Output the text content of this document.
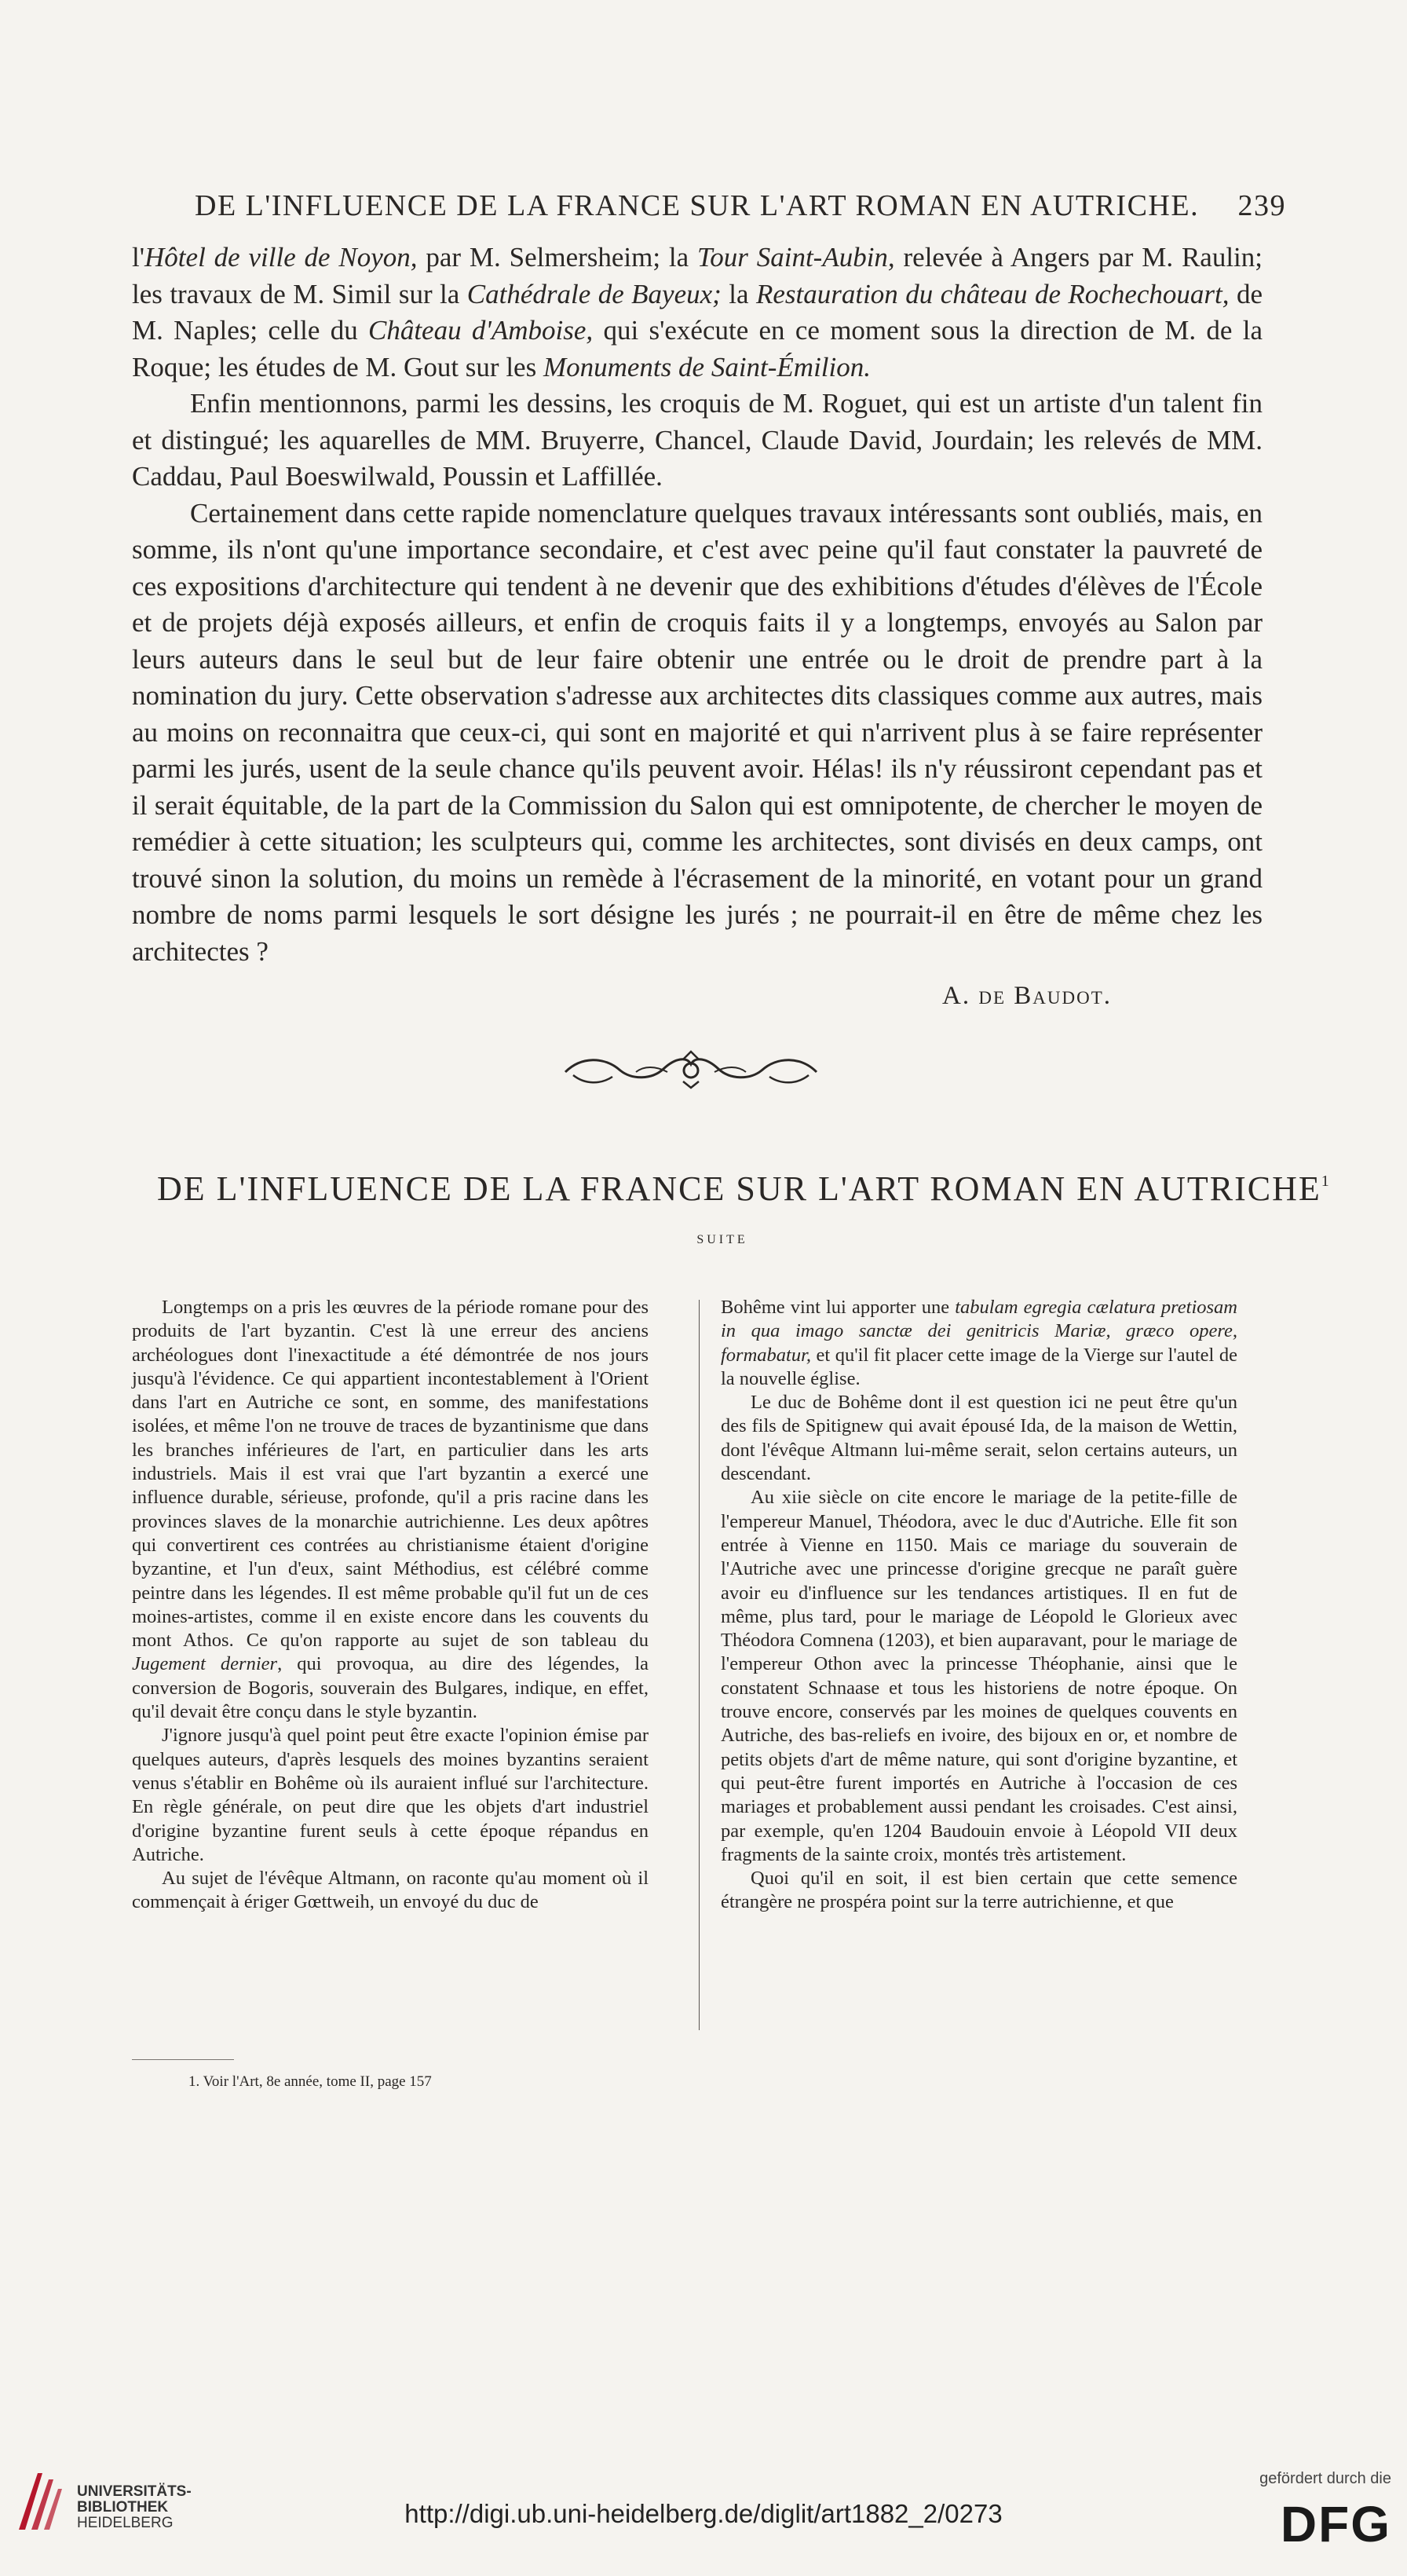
DE L'INFLUENCE DE LA FRANCE SUR L'ART ROMAN EN AUTRICHE. 239

l'Hôtel de ville de Noyon, par M. Selmersheim; la Tour Saint-Aubin, relevée à Angers par M. Raulin; les travaux de M. Simil sur la Cathédrale de Bayeux; la Restauration du château de Rochechouart, de M. Naples; celle du Château d'Amboise, qui s'exécute en ce moment sous la direction de M. de la Roque; les études de M. Gout sur les Monuments de Saint-Émilion.

Enfin mentionnons, parmi les dessins, les croquis de M. Roguet, qui est un artiste d'un talent fin et distingué; les aquarelles de MM. Bruyerre, Chancel, Claude David, Jourdain; les relevés de MM. Caddau, Paul Boeswilwald, Poussin et Laffillée.

Certainement dans cette rapide nomenclature quelques travaux intéressants sont oubliés, mais, en somme, ils n'ont qu'une importance secondaire, et c'est avec peine qu'il faut constater la pauvreté de ces expositions d'architecture qui tendent à ne devenir que des exhibitions d'études d'élèves de l'École et de projets déjà exposés ailleurs, et enfin de croquis faits il y a longtemps, envoyés au Salon par leurs auteurs dans le seul but de leur faire obtenir une entrée ou le droit de prendre part à la nomination du jury. Cette observation s'adresse aux architectes dits classiques comme aux autres, mais au moins on reconnaitra que ceux-ci, qui sont en majorité et qui n'arrivent plus à se faire représenter parmi les jurés, usent de la seule chance qu'ils peuvent avoir. Hélas! ils n'y réussiront cependant pas et il serait équitable, de la part de la Commission du Salon qui est omnipotente, de chercher le moyen de remédier à cette situation; les sculpteurs qui, comme les architectes, sont divisés en deux camps, ont trouvé sinon la solution, du moins un remède à l'écrasement de la minorité, en votant pour un grand nombre de noms parmi lesquels le sort désigne les jurés ; ne pourrait-il en être de même chez les architectes ?

A. de Baudot.
DE L'INFLUENCE DE LA FRANCE SUR L'ART ROMAN EN AUTRICHE$^1$
SUITE

Longtemps on a pris les œuvres de la période romane pour des produits de l'art byzantin. C'est là une erreur des anciens archéologues dont l'inexactitude a été démontrée de nos jours jusqu'à l'évidence. Ce qui appartient incontestablement à l'Orient dans l'art en Autriche ce sont, en somme, des manifestations isolées, et même l'on ne trouve de traces de byzantinisme que dans les branches inférieures de l'art, en particulier dans les arts industriels. Mais il est vrai que l'art byzantin a exercé une influence durable, sérieuse, profonde, qu'il a pris racine dans les provinces slaves de la monarchie autrichienne. Les deux apôtres qui convertirent ces contrées au christianisme étaient d'origine byzantine, et l'un d'eux, saint Méthodius, est célébré comme peintre dans les légendes. Il est même probable qu'il fut un de ces moines-artistes, comme il en existe encore dans les couvents du mont Athos. Ce qu'on rapporte au sujet de son tableau du Jugement dernier, qui provoqua, au dire des légendes, la conversion de Bogoris, souverain des Bulgares, indique, en effet, qu'il devait être conçu dans le style byzantin.

J'ignore jusqu'à quel point peut être exacte l'opinion émise par quelques auteurs, d'après lesquels des moines byzantins seraient venus s'établir en Bohême où ils auraient influé sur l'architecture. En règle générale, on peut dire que les objets d'art industriel d'origine byzantine furent seuls à cette époque répandus en Autriche.

Au sujet de l'évêque Altmann, on raconte qu'au moment où il commençait à ériger Gœttweih, un envoyé du duc de

Bohême vint lui apporter une tabulam egregia cælatura pretiosam in qua imago sanctæ dei genitricis Mariæ, græco opere, formabatur, et qu'il fit placer cette image de la Vierge sur l'autel de la nouvelle église.

Le duc de Bohême dont il est question ici ne peut être qu'un des fils de Spitignew qui avait épousé Ida, de la maison de Wettin, dont l'évêque Altmann lui-même serait, selon certains auteurs, un descendant.

Au xiie siècle on cite encore le mariage de la petite-fille de l'empereur Manuel, Théodora, avec le duc d'Autriche. Elle fit son entrée à Vienne en 1150. Mais ce mariage du souverain de l'Autriche avec une princesse d'origine grecque ne paraît guère avoir eu d'influence sur les tendances artistiques. Il en fut de même, plus tard, pour le mariage de Léopold le Glorieux avec Théodora Comnena (1203), et bien auparavant, pour le mariage de l'empereur Othon avec la princesse Théophanie, ainsi que le constatent Schnaase et tous les historiens de notre époque. On trouve encore, conservés par les moines de quelques couvents en Autriche, des bas-reliefs en ivoire, des bijoux en or, et nombre de petits objets d'art de même nature, qui sont d'origine byzantine, et qui peut-être furent importés en Autriche à l'occasion de ces mariages et probablement aussi pendant les croisades. C'est ainsi, par exemple, qu'en 1204 Baudouin envoie à Léopold VII deux fragments de la sainte croix, montés très artistement.

Quoi qu'il en soit, il est bien certain que cette semence étrangère ne prospéra point sur la terre autrichienne, et que

1. Voir l'Art, 8e année, tome II, page 157
UNIVERSITÄTS-
BIBLIOTHEK
HEIDELBERG	http://digi.ub.uni-heidelberg.de/diglit/art1882_2/0273
gefördert durch die
DFG
